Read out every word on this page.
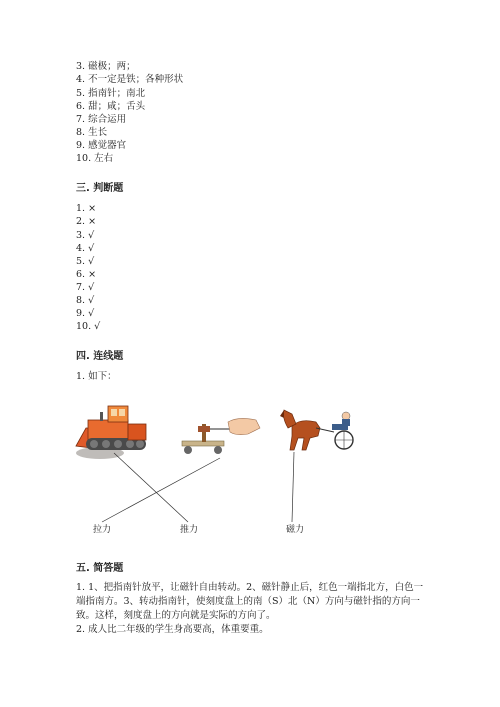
3. 磁极；两；
4. 不一定是铁；各种形状
5. 指南针；南北
6. 甜；咸；舌头
7. 综合运用
8. 生长
9. 感觉器官
10. 左右
三. 判断题
1. ×
2. ×
3. √
4. √
5. √
6. ×
7. √
8. √
9. √
10. √
四. 连线题
1. 如下：
拉力	推力	磁力
五. 简答题
1. 1、把指南针放平，让磁针自由转动。2、磁针静止后，红色一端指北方，白色一端指南方。3、转动指南针，使刻度盘上的南（S）北（N）方向与磁针指的方向一致。这样，刻度盘上的方向就是实际的方向了。
2. 成人比二年级的学生身高要高，体重要重。
